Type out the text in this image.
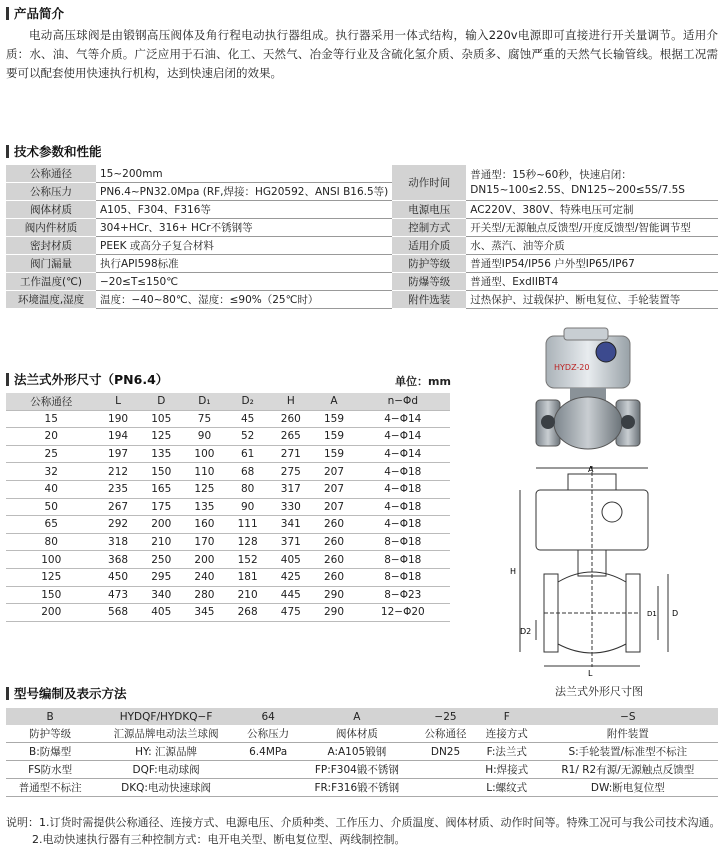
产品简介
电动高压球阀是由锻钢高压阀体及角行程电动执行器组成。执行器采用一体式结构，输入220v电源即可直接进行开关量调节。适用介质：水、油、气等介质。广泛应用于石油、化工、天然气、冶金等行业及含硫化氢介质、杂质多、腐蚀严重的天然气长输管线。根据工况需要可以配套使用快速执行机构，达到快速启闭的效果。
技术参数和性能
公称通径	15~200mm	动作时间	普通型：15秒~60秒，快速启闭：DN15~100≤2.5S、DN125~200≤5S/7.5S
公称压力	PN6.4~PN32.0Mpa (RF,焊接：HG20592、ANSI B16.5等)		
阀体材质	A105、F304、F316等	电源电压	AC220V、380V、特殊电压可定制
阀内件材质	304+HCr、316+ HCr不锈钢等	控制方式	开关型/无源触点反馈型/开度反馈型/智能调节型
密封材质	PEEK 或高分子复合材料	适用介质	水、蒸汽、油等介质
阀门漏量	执行API598标准	防护等级	普通型IP54/IP56 户外型IP65/IP67
工作温度(℃)	−20≤T≤150℃	防爆等级	普通型、ExdIIBT4
环境温度,湿度	温度：−40~80℃、湿度：≤90%（25℃时）	附件选装	过热保护、过载保护、断电复位、手轮装置等
法兰式外形尺寸（PN6.4）	单位：mm
公称通径	L	D	D₁	D₂	H	A	n−Φd
15	190	105	75	45	260	159	4−Φ14
20	194	125	90	52	265	159	4−Φ14
25	197	135	100	61	271	159	4−Φ14
32	212	150	110	68	275	207	4−Φ18
40	235	165	125	80	317	207	4−Φ18
50	267	175	135	90	330	207	4−Φ18
65	292	200	160	111	341	260	4−Φ18
80	318	210	170	128	371	260	8−Φ18
100	368	250	200	152	405	260	8−Φ18
125	450	295	240	181	425	260	8−Φ18
150	473	340	280	210	445	290	8−Φ23
200	568	405	345	268	475	290	12−Φ20
HYDZ-20
A
H
L
D
D1
D2
法兰式外形尺寸图
型号编制及表示方法
B	HYDQF/HYDKQ−F	64	A	−25	F	−S
防护等级	汇源品牌电动法兰球阀	公称压力	阀体材质	公称通径	连接方式	附件装置
B:防爆型	HY: 汇源品牌	6.4MPa	A:A105锻钢	DN25	F:法兰式	S:手轮装置/标准型不标注
FS防水型	DQF:电动球阀		FP:F304锻不锈钢		H:焊接式	R1/ R2有源/无源触点反馈型
普通型不标注	DKQ:电动快速球阀		FR:F316锻不锈钢		L:螺纹式	DW:断电复位型
说明：1.订货时需提供公称通径、连接方式、电源电压、介质种类、工作压力、介质温度、阀体材质、动作时间等。特殊工况可与我公司技术沟通。
2.电动快速执行器有三种控制方式：电开电关型、断电复位型、两线制控制。
